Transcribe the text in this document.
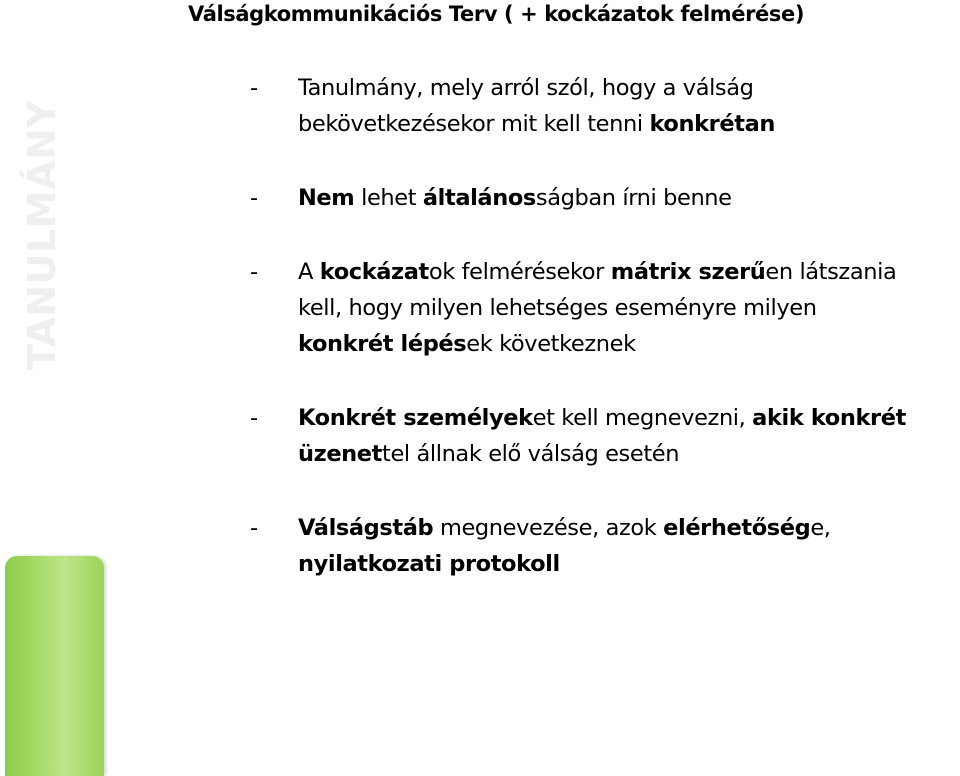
Válságkommunikációs Terv ( + kockázatok felmérése)
TANULMÁNY
-	Tanulmány, mely arról szól, hogy a válság
bekövetkezésekor mit kell tenni konkrétan
-	Nem lehet általánosságban írni benne
-	A kockázatok felmérésekor mátrix szerűen látszania
kell, hogy milyen lehetséges eseményre milyen
konkrét lépések következnek
-	Konkrét személyeket kell megnevezni, akik konkrét
üzenettel állnak elő válság esetén
-	Válságstáb megnevezése, azok elérhetősége,
nyilatkozati protokoll
